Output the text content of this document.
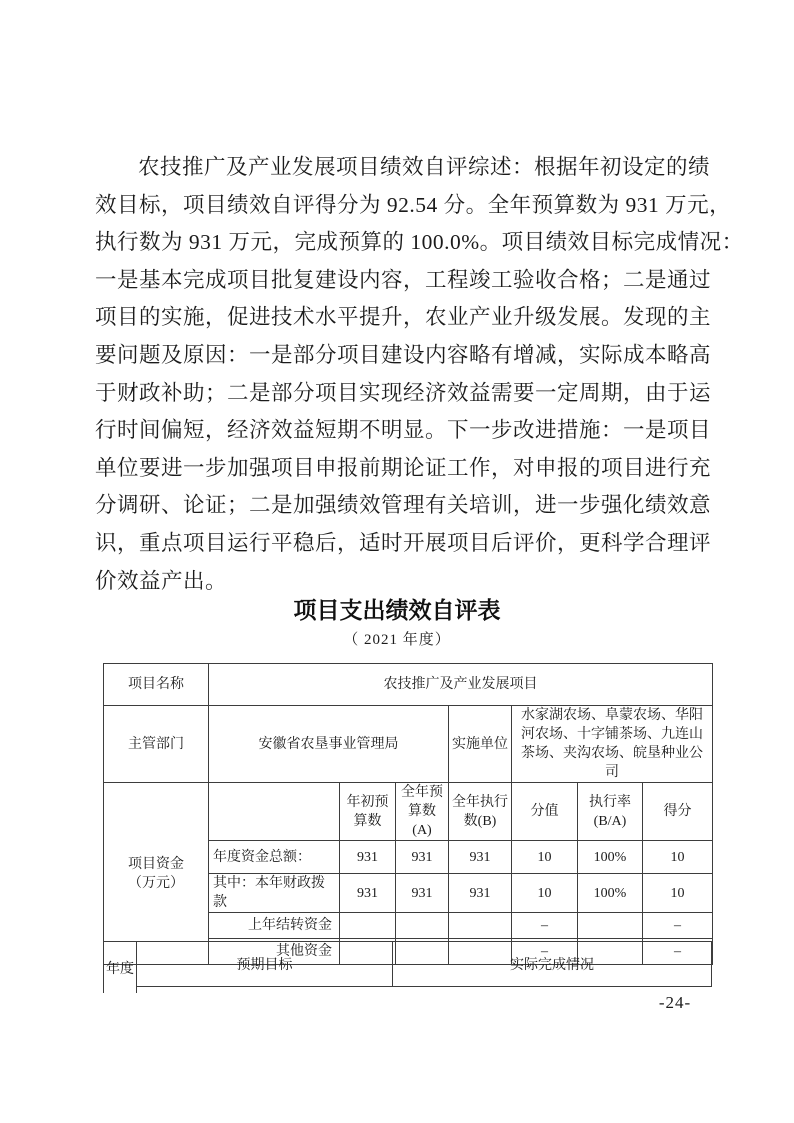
农技推广及产业发展项目绩效自评综述：根据年初设定的绩
效目标，项目绩效自评得分为 92.54 分。全年预算数为 931 万元，
执行数为 931 万元，完成预算的 100.0%。项目绩效目标完成情况：
一是基本完成项目批复建设内容，工程竣工验收合格；二是通过
项目的实施，促进技术水平提升，农业产业升级发展。发现的主
要问题及原因：一是部分项目建设内容略有增减，实际成本略高
于财政补助；二是部分项目实现经济效益需要一定周期，由于运
行时间偏短，经济效益短期不明显。下一步改进措施：一是项目
单位要进一步加强项目申报前期论证工作，对申报的项目进行充
分调研、论证；二是加强绩效管理有关培训，进一步强化绩效意
识，重点项目运行平稳后，适时开展项目后评价，更科学合理评
价效益产出。
项目支出绩效自评表
（ 2021 年度）
项目名称	农技推广及产业发展项目						
主管部门	安徽省农垦事业管理局			实施单位	水家湖农场、阜蒙农场、华阳河农场、十字铺茶场、九连山茶场、夹沟农场、皖垦种业公司		
项目资金
（万元）		年初预算数	全年预算数(A)	全年执行数(B)	分值	执行率(B/A)	得分
	年度资金总额：	931	931	931	10	100%	10
	其中：本年财政拨款	931	931	931	10	100%	10
	上年结转资金				–		–
	其他资金				–		–
年度	预期目标	实际完成情况
-24-
